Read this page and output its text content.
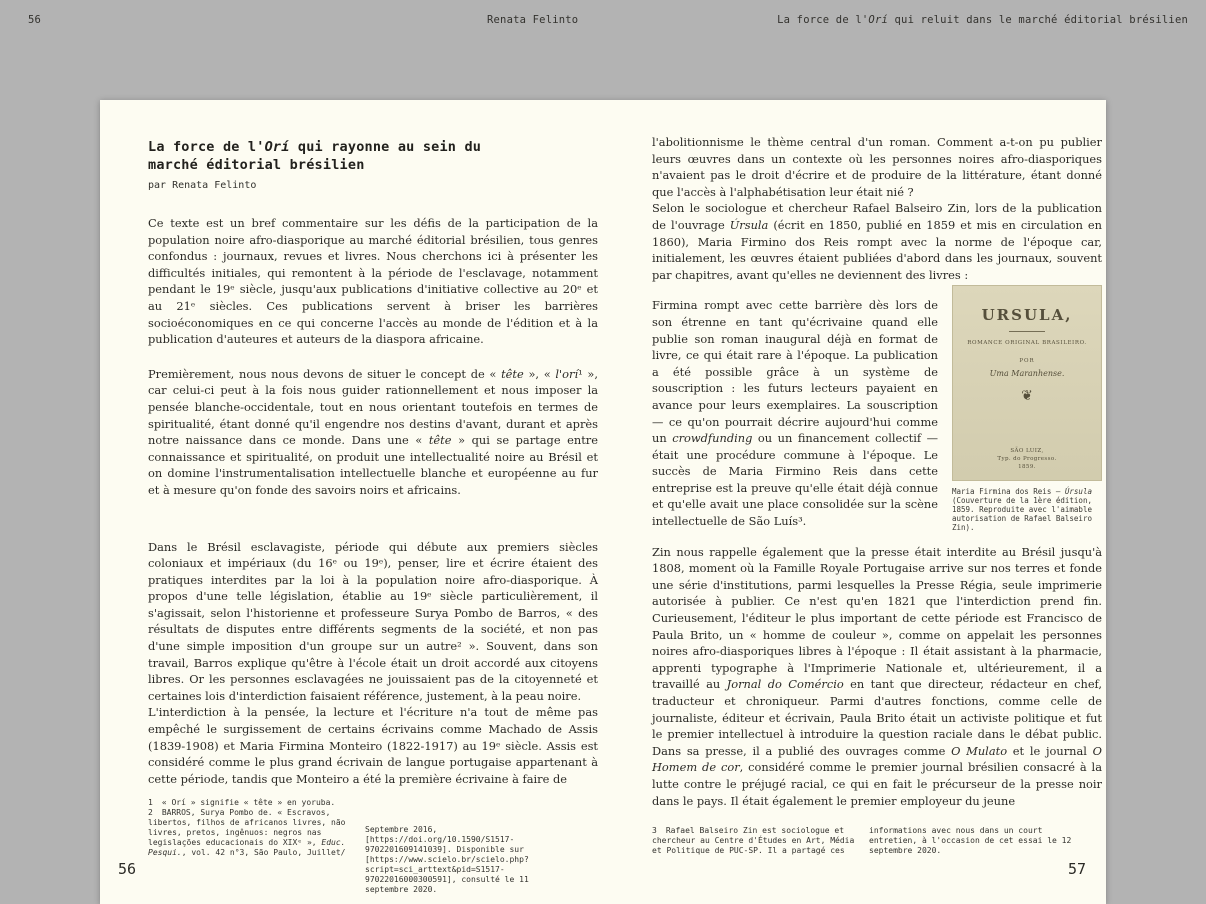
56	Renata Felinto	La force de l'Orí qui reluit dans le marché éditorial brésilien
La force de l'Orí qui rayonne au sein du
marché éditorial brésilien
par Renata Felinto

Ce texte est un bref commentaire sur les défis de la participation de la population noire afro-diasporique au marché éditorial brésilien, tous genres confondus : journaux, revues et livres. Nous cherchons ici à présenter les difficultés initiales, qui remontent à la période de l'esclavage, notamment pendant le 19ᵉ siècle, jusqu'aux publications d'initiative collective au 20ᵉ et au 21ᵉ siècles. Ces publications servent à briser les barrières socioéconomiques en ce qui concerne l'accès au monde de l'édition et à la publication d'auteures et auteurs de la diaspora africaine.

Premièrement, nous nous devons de situer le concept de « tête », « l'orí¹ », car celui-ci peut à la fois nous guider rationnellement et nous imposer la pensée blanche-occidentale, tout en nous orientant toutefois en termes de spiritualité, étant donné qu'il engendre nos destins d'avant, durant et après notre naissance dans ce monde. Dans une « tête » qui se partage entre connaissance et spiritualité, on produit une intellectualité noire au Brésil et on domine l'instrumentalisation intellectuelle blanche et européenne au fur et à mesure qu'on fonde des savoirs noirs et africains.

Dans le Brésil esclavagiste, période qui débute aux premiers siècles coloniaux et impériaux (du 16ᵉ ou 19ᵉ), penser, lire et écrire étaient des pratiques interdites par la loi à la population noire afro-diasporique. À propos d'une telle législation, établie au 19ᵉ siècle particulièrement, il s'agissait, selon l'historienne et professeure Surya Pombo de Barros, « des résultats de disputes entre différents segments de la société, et non pas d'une simple imposition d'un groupe sur un autre² ». Souvent, dans son travail, Barros explique qu'être à l'école était un droit accordé aux citoyens libres. Or les personnes esclavagées ne jouissaient pas de la citoyenneté et certaines lois d'interdiction faisaient référence, justement, à la peau noire.

L'interdiction à la pensée, la lecture et l'écriture n'a tout de même pas empêché le surgissement de certains écrivains comme Machado de Assis (1839-1908) et Maria Firmina Monteiro (1822-1917) au 19ᵉ siècle. Assis est considéré comme le plus grand écrivain de langue portugaise appartenant à cette période, tandis que Monteiro a été la première écrivaine à faire de

l'abolitionnisme le thème central d'un roman. Comment a-t-on pu publier leurs œuvres dans un contexte où les personnes noires afro-diasporiques n'avaient pas le droit d'écrire et de produire de la littérature, étant donné que l'accès à l'alphabétisation leur était nié ?

Selon le sociologue et chercheur Rafael Balseiro Zin, lors de la publication de l'ouvrage Úrsula (écrit en 1850, publié en 1859 et mis en circulation en 1860), Maria Firmino dos Reis rompt avec la norme de l'époque car, initialement, les œuvres étaient publiées d'abord dans les journaux, souvent par chapitres, avant qu'elles ne deviennent des livres :

URSULA,
ROMANCE ORIGINAL BRASILEIRO.
POR
Uma Maranhense.
❦
SÃO LUIZ,
Typ. do Progresso.
1859.
Maria Firmina dos Reis – Úrsula (Couverture de la 1ère édition, 1859. Reproduite avec l'aimable autorisation de Rafael Balseiro Zin).

Firmina rompt avec cette barrière dès lors de son étrenne en tant qu'écrivaine quand elle publie son roman inaugural déjà en format de livre, ce qui était rare à l'époque. La publication a été possible grâce à un système de souscription : les futurs lecteurs payaient en avance pour leurs exemplaires. La souscription — ce qu'on pourrait décrire aujourd'hui comme un crowdfunding ou un financement collectif — était une procédure commune à l'époque. Le succès de Maria Firmino Reis dans cette entreprise est la preuve qu'elle était déjà connue et qu'elle avait une place consolidée sur la scène intellectuelle de São Luís³.

Zin nous rappelle également que la presse était interdite au Brésil jusqu'à 1808, moment où la Famille Royale Portugaise arrive sur nos terres et fonde une série d'institutions, parmi lesquelles la Presse Régia, seule imprimerie autorisée à publier. Ce n'est qu'en 1821 que l'interdiction prend fin. Curieusement, l'éditeur le plus important de cette période est Francisco de Paula Brito, un « homme de couleur », comme on appelait les personnes noires afro-diasporiques libres à l'époque : Il était assistant à la pharmacie, apprenti typographe à l'Imprimerie Nationale et, ultérieurement, il a travaillé au Jornal do Comércio en tant que directeur, rédacteur en chef, traducteur et chroniqueur. Parmi d'autres fonctions, comme celle de journaliste, éditeur et écrivain, Paula Brito était un activiste politique et fut le premier intellectuel à introduire la question raciale dans le débat public. Dans sa presse, il a publié des ouvrages comme O Mulato et le journal O Homem de cor, considéré comme le premier journal brésilien consacré à la lutte contre le préjugé racial, ce qui en fait le précurseur de la presse noir dans le pays. Il était également le premier employeur du jeune

1 « Orí » signifie « tête » en yoruba.
2 BARROS, Surya Pombo de. « Escravos, libertos, filhos de africanos livres, não livres, pretos, ingênuos: negros nas legislações educacionais do XIXᵉ », Educ. Pesqui., vol. 42 n°3, São Paulo, Juillet/
Septembre 2016, [https://doi.org/10.1590/S1517-9702201609141039]. Disponible sur [https://www.scielo.br/scielo.php?script=sci_arttext&pid=S1517-97022016000300591], consulté le 11 septembre 2020.
3 Rafael Balseiro Zin est sociologue et chercheur au Centre d'Études en Art, Média et Politique de PUC-SP. Il a partagé ces
informations avec nous dans un court entretien, à l'occasion de cet essai le 12 septembre 2020.
56	57
